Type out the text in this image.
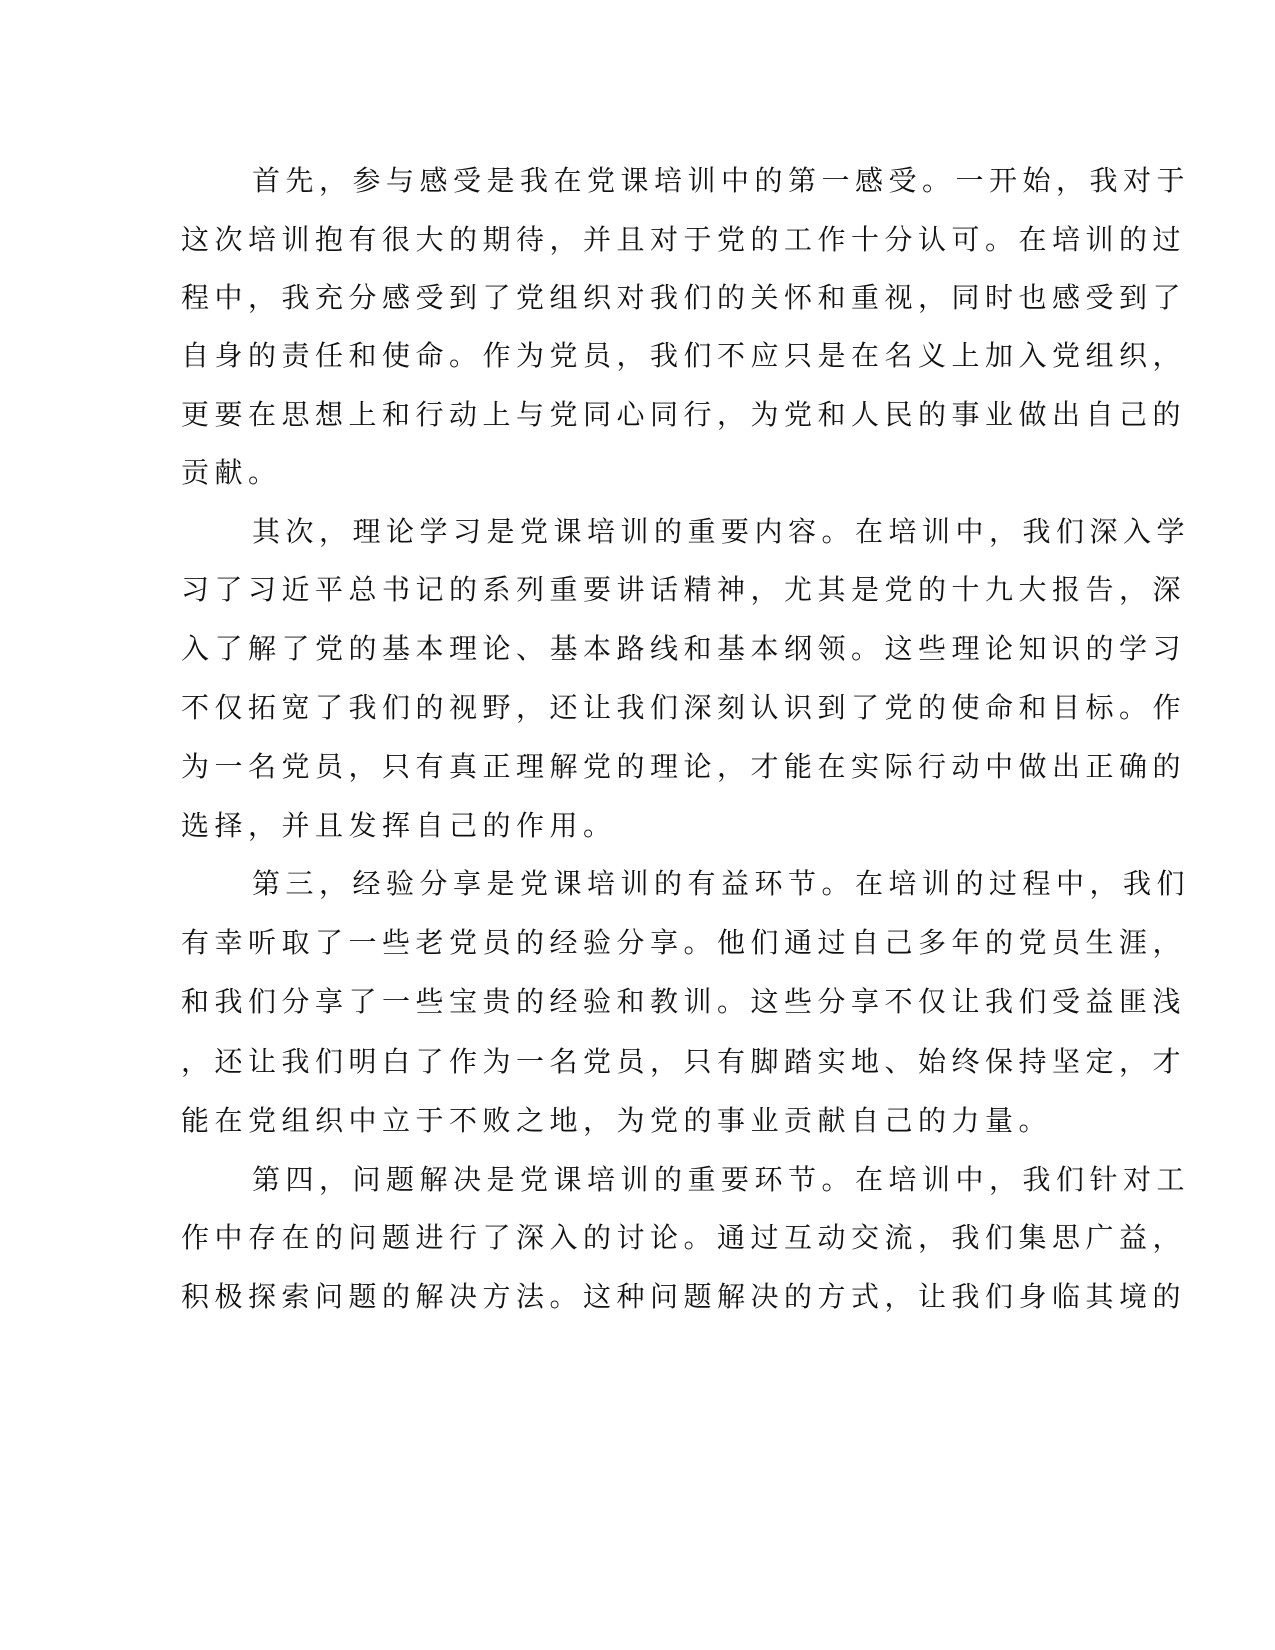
首先，参与感受是我在党课培训中的第一感受。一开始，我对于
这次培训抱有很大的期待，并且对于党的工作十分认可。在培训的过
程中，我充分感受到了党组织对我们的关怀和重视，同时也感受到了
自身的责任和使命。作为党员，我们不应只是在名义上加入党组织，
更要在思想上和行动上与党同心同行，为党和人民的事业做出自己的
贡献。
其次，理论学习是党课培训的重要内容。在培训中，我们深入学
习了习近平总书记的系列重要讲话精神，尤其是党的十九大报告，深
入了解了党的基本理论、基本路线和基本纲领。这些理论知识的学习
不仅拓宽了我们的视野，还让我们深刻认识到了党的使命和目标。作
为一名党员，只有真正理解党的理论，才能在实际行动中做出正确的
选择，并且发挥自己的作用。
第三，经验分享是党课培训的有益环节。在培训的过程中，我们
有幸听取了一些老党员的经验分享。他们通过自己多年的党员生涯，
和我们分享了一些宝贵的经验和教训。这些分享不仅让我们受益匪浅
，还让我们明白了作为一名党员，只有脚踏实地、始终保持坚定，才
能在党组织中立于不败之地，为党的事业贡献自己的力量。
第四，问题解决是党课培训的重要环节。在培训中，我们针对工
作中存在的问题进行了深入的讨论。通过互动交流，我们集思广益，
积极探索问题的解决方法。这种问题解决的方式，让我们身临其境的
